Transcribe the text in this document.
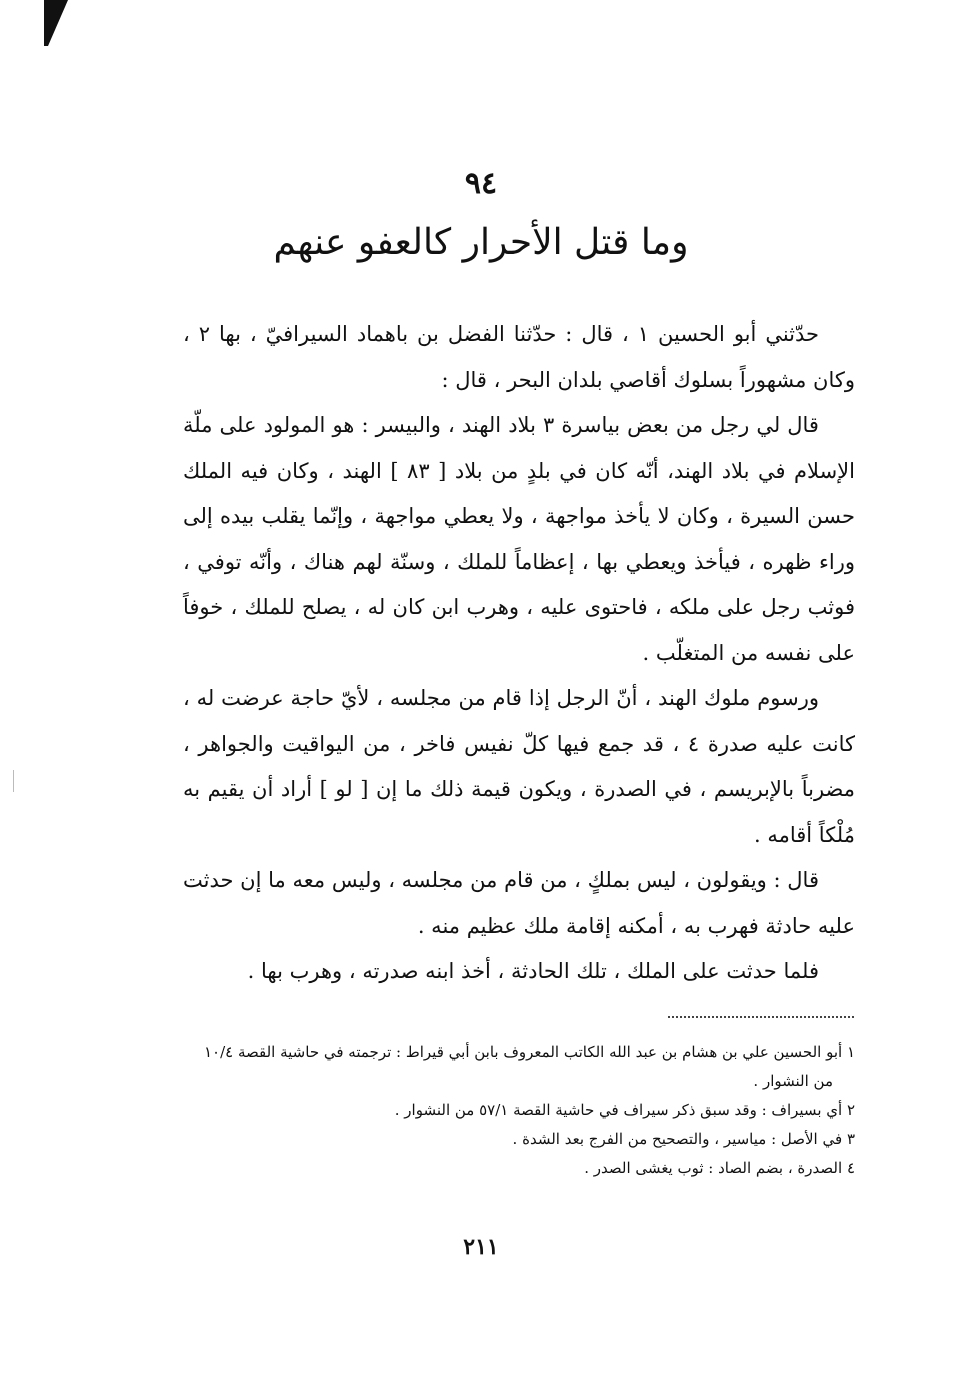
٩٤
وما قتل الأحرار كالعفو عنهم

حدّثني أبو الحسين ١ ، قال : حدّثنا الفضل بن باهماد السيرافيّ ، بها ٢ ، وكان مشهوراً بسلوك أقاصي بلدان البحر ، قال :

قال لي رجل من بعض بياسرة ٣ بلاد الهند ، والبيسر : هو المولود على ملّة الإسلام في بلاد الهند، أنّه كان في بلدٍ من بلاد [ ٨٣ ] الهند ، وكان فيه الملك حسن السيرة ، وكان لا يأخذ مواجهة ، ولا يعطي مواجهة ، وإنّما يقلب بيده إلى وراء ظهره ، فيأخذ ويعطي بها ، إعظاماً للملك ، وسنّة لهم هناك ، وأنّه توفي ، فوثب رجل على ملكه ، فاحتوى عليه ، وهرب ابن كان له ، يصلح للملك ، خوفاً على نفسه من المتغلّب .

ورسوم ملوك الهند ، أنّ الرجل إذا قام من مجلسه ، لأيّ حاجة عرضت له ، كانت عليه صدرة ٤ ، قد جمع فيها كلّ نفيس فاخر ، من اليواقيت والجواهر ، مضرباً بالإبريسم ، في الصدرة ، ويكون قيمة ذلك ما إن [ لو ] أراد أن يقيم به مُلْكاً أقامه .

قال : ويقولون ، ليس بملكٍ ، من قام من مجلسه ، وليس معه ما إن حدثت عليه حادثة فهرب به ، أمكنه إقامة ملك عظيم منه .

فلما حدثت على الملك ، تلك الحادثة ، أخذ ابنه صدرته ، وهرب بها .

١ أبو الحسين علي بن هشام بن عبد الله الكاتب المعروف بابن أبي قيراط : ترجمته في حاشية القصة ١٠/٤ من النشوار .

٢ أي بسيراف : وقد سبق ذكر سيراف في حاشية القصة ٥٧/١ من النشوار .

٣ في الأصل : مياسير ، والتصحيح من الفرج بعد الشدة .

٤ الصدرة ، بضم الصاد : ثوب يغشى الصدر .

٢١١
